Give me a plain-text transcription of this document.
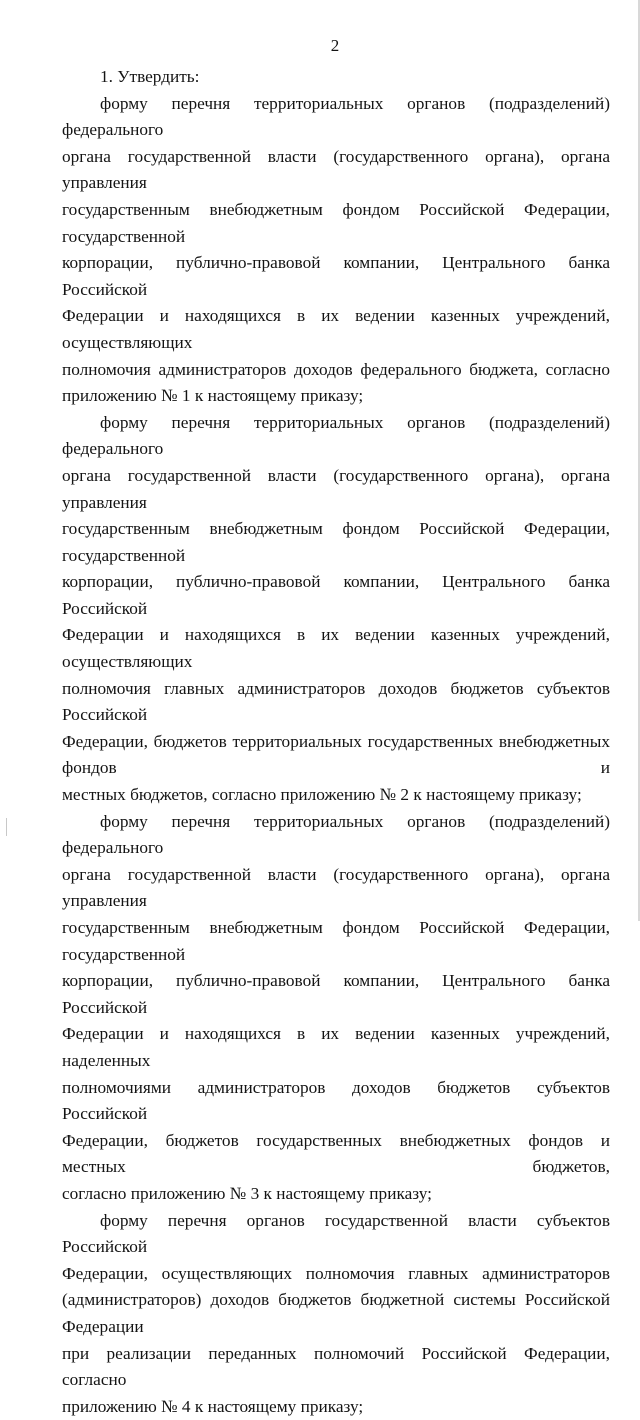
2

1. Утвердить:

форму перечня территориальных органов (подразделений) федерального
органа государственной власти (государственного органа), органа управления
государственным внебюджетным фондом Российской Федерации, государственной
корпорации, публично-правовой компании, Центрального банка Российской
Федерации и находящихся в их ведении казенных учреждений, осуществляющих
полномочия администраторов доходов федерального бюджета, согласно
приложению № 1 к настоящему приказу;

форму перечня территориальных органов (подразделений) федерального
органа государственной власти (государственного органа), органа управления
государственным внебюджетным фондом Российской Федерации, государственной
корпорации, публично-правовой компании, Центрального банка Российской
Федерации и находящихся в их ведении казенных учреждений, осуществляющих
полномочия главных администраторов доходов бюджетов субъектов Российской
Федерации, бюджетов территориальных государственных внебюджетных фондов и
местных бюджетов, согласно приложению № 2 к настоящему приказу;

форму перечня территориальных органов (подразделений) федерального
органа государственной власти (государственного органа), органа управления
государственным внебюджетным фондом Российской Федерации, государственной
корпорации, публично-правовой компании, Центрального банка Российской
Федерации и находящихся в их ведении казенных учреждений, наделенных
полномочиями администраторов доходов бюджетов субъектов Российской
Федерации, бюджетов государственных внебюджетных фондов и местных бюджетов,
согласно приложению № 3 к настоящему приказу;

форму перечня органов государственной власти субъектов Российской
Федерации, осуществляющих полномочия главных администраторов
(администраторов) доходов бюджетов бюджетной системы Российской Федерации
при реализации переданных полномочий Российской Федерации, согласно
приложению № 4 к настоящему приказу;
